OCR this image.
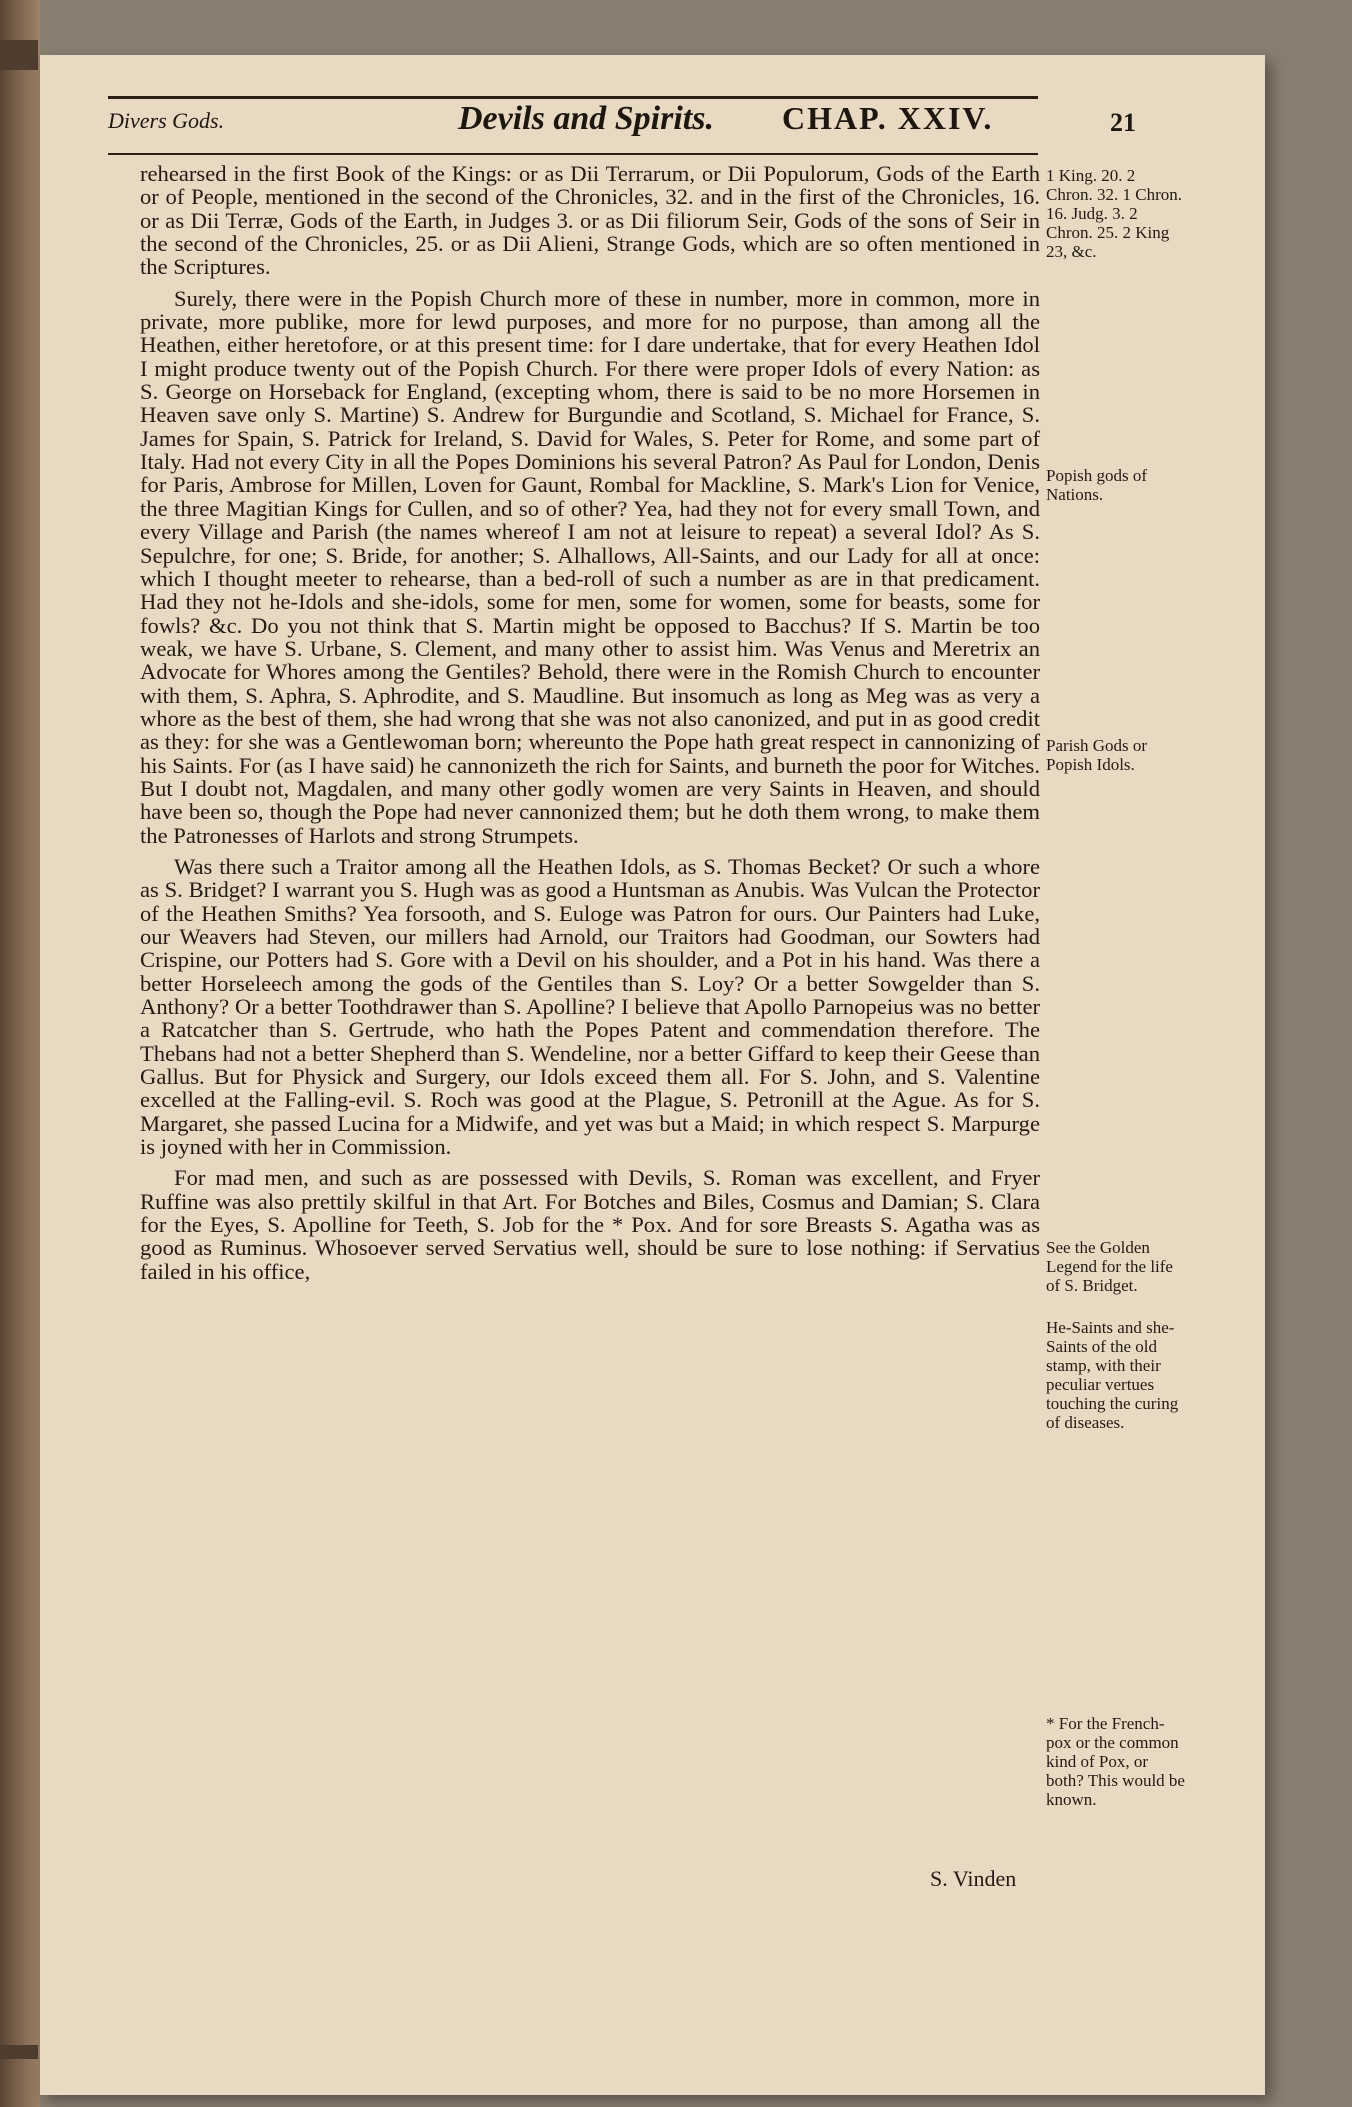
Divers Gods.	Devils and Spirits. CHAP. XXIV.	21

rehearsed in the first Book of the Kings: or as Dii Terrarum, or Dii Populorum, Gods of the Earth or of People, mentioned in the second of the Chronicles, 32. and in the first of the Chronicles, 16. or as Dii Terræ, Gods of the Earth, in Judges 3. or as Dii filiorum Seir, Gods of the sons of Seir in the second of the Chronicles, 25. or as Dii Alieni, Strange Gods, which are so often mentioned in the Scriptures.

Surely, there were in the Popish Church more of these in number, more in common, more in private, more publike, more for lewd purposes, and more for no purpose, than among all the Heathen, either heretofore, or at this present time: for I dare undertake, that for every Heathen Idol I might produce twenty out of the Popish Church. For there were proper Idols of every Nation: as S. George on Horseback for England, (excepting whom, there is said to be no more Horsemen in Heaven save only S. Martine) S. Andrew for Burgundie and Scotland, S. Michael for France, S. James for Spain, S. Patrick for Ireland, S. David for Wales, S. Peter for Rome, and some part of Italy. Had not every City in all the Popes Dominions his several Patron? As Paul for London, Denis for Paris, Ambrose for Millen, Loven for Gaunt, Rombal for Mackline, S. Mark's Lion for Venice, the three Magitian Kings for Cullen, and so of other? Yea, had they not for every small Town, and every Village and Parish (the names whereof I am not at leisure to repeat) a several Idol? As S. Sepulchre, for one; S. Bride, for another; S. Alhallows, All-Saints, and our Lady for all at once: which I thought meeter to rehearse, than a bed-roll of such a number as are in that predicament. Had they not he-Idols and she-idols, some for men, some for women, some for beasts, some for fowls? &c. Do you not think that S. Martin might be opposed to Bacchus? If S. Martin be too weak, we have S. Urbane, S. Clement, and many other to assist him. Was Venus and Meretrix an Advocate for Whores among the Gentiles? Behold, there were in the Romish Church to encounter with them, S. Aphra, S. Aphrodite, and S. Maudline. But insomuch as long as Meg was as very a whore as the best of them, she had wrong that she was not also canonized, and put in as good credit as they: for she was a Gentlewoman born; whereunto the Pope hath great respect in cannonizing of his Saints. For (as I have said) he cannonizeth the rich for Saints, and burneth the poor for Witches. But I doubt not, Magdalen, and many other godly women are very Saints in Heaven, and should have been so, though the Pope had never cannonized them; but he doth them wrong, to make them the Patronesses of Harlots and strong Strumpets.

Was there such a Traitor among all the Heathen Idols, as S. Thomas Becket? Or such a whore as S. Bridget? I warrant you S. Hugh was as good a Huntsman as Anubis. Was Vulcan the Protector of the Heathen Smiths? Yea forsooth, and S. Euloge was Patron for ours. Our Painters had Luke, our Weavers had Steven, our millers had Arnold, our Traitors had Goodman, our Sowters had Crispine, our Potters had S. Gore with a Devil on his shoulder, and a Pot in his hand. Was there a better Horseleech among the gods of the Gentiles than S. Loy? Or a better Sowgelder than S. Anthony? Or a better Toothdrawer than S. Apolline? I believe that Apollo Parnopeius was no better a Ratcatcher than S. Gertrude, who hath the Popes Patent and commendation therefore. The Thebans had not a better Shepherd than S. Wendeline, nor a better Giffard to keep their Geese than Gallus. But for Physick and Surgery, our Idols exceed them all. For S. John, and S. Valentine excelled at the Falling-evil. S. Roch was good at the Plague, S. Petronill at the Ague. As for S. Margaret, she passed Lucina for a Midwife, and yet was but a Maid; in which respect S. Marpurge is joyned with her in Commission.

For mad men, and such as are possessed with Devils, S. Roman was excellent, and Fryer Ruffine was also prettily skilful in that Art. For Botches and Biles, Cosmus and Damian; S. Clara for the Eyes, S. Apolline for Teeth, S. Job for the * Pox. And for sore Breasts S. Agatha was as good as Ruminus. Whosoever served Servatius well, should be sure to lose nothing: if Servatius failed in his office,

S. Vinden
1 King. 20. 2 Chron. 32. 1 Chron. 16. Judg. 3. 2 Chron. 25. 2 King 23, &c.
Popish gods of Nations.
Parish Gods or Popish Idols.
See the Golden Legend for the life of S. Bridget.
He-Saints and she-Saints of the old stamp, with their peculiar vertues touching the curing of diseases.
* For the French-pox or the common kind of Pox, or both? This would be known.
